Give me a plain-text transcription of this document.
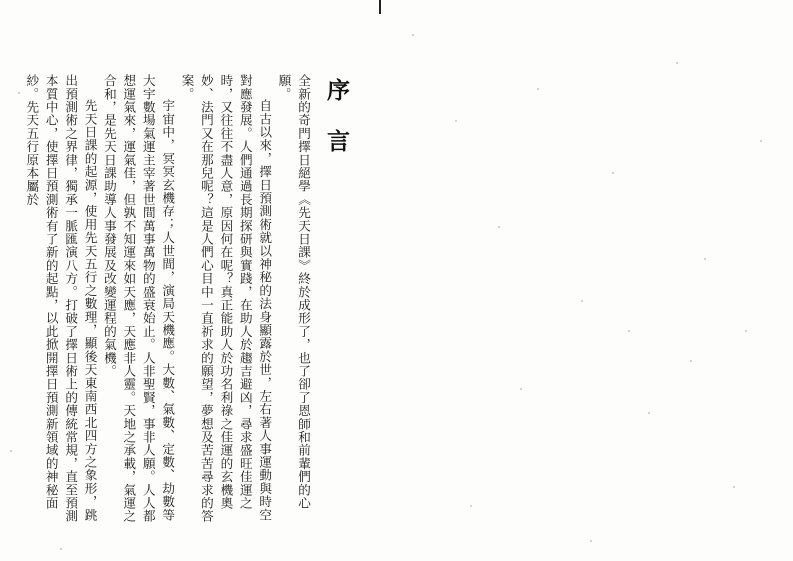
序言

全新的奇門擇日絕學《先天日課》終於成形了，也了卻了恩師和前輩們的心願。

自古以來，擇日預測術就以神秘的法身顯露於世，左右著人事運動與時空對應發展。人們通過長期探研與實踐，在助人於趨吉避凶，尋求盛旺佳運之時，又往往不盡人意，原因何在呢？真正能助人於功名利祿之佳運的玄機奧妙、法門又在那兒呢？這是人們心目中一直祈求的願望，夢想及苦苦尋求的答案。

宇宙中，冥冥玄機存；人世間，演局天機應。大數、氣數、定數、劫數等大宇數場氣運主宰著世間萬事萬物的盛衰始止。人非聖賢，事非人願。人人都想運氣來，運氣佳，但孰不知運來如天應，天應非人靈。天地之承載，氣運之合和，是先天日課助導人事發展及改變運程的氣機。

先天日課的起源，使用先天五行之數理，顯後天東南西北四方之象形，跳出預測術之界律，獨承一脈匯演八方。打破了擇日術上的傳統常規，直至預測本質中心，使擇日預測術有了新的起點，以此掀開擇日預測新領域的神秘面紗。先天五行原本屬於
